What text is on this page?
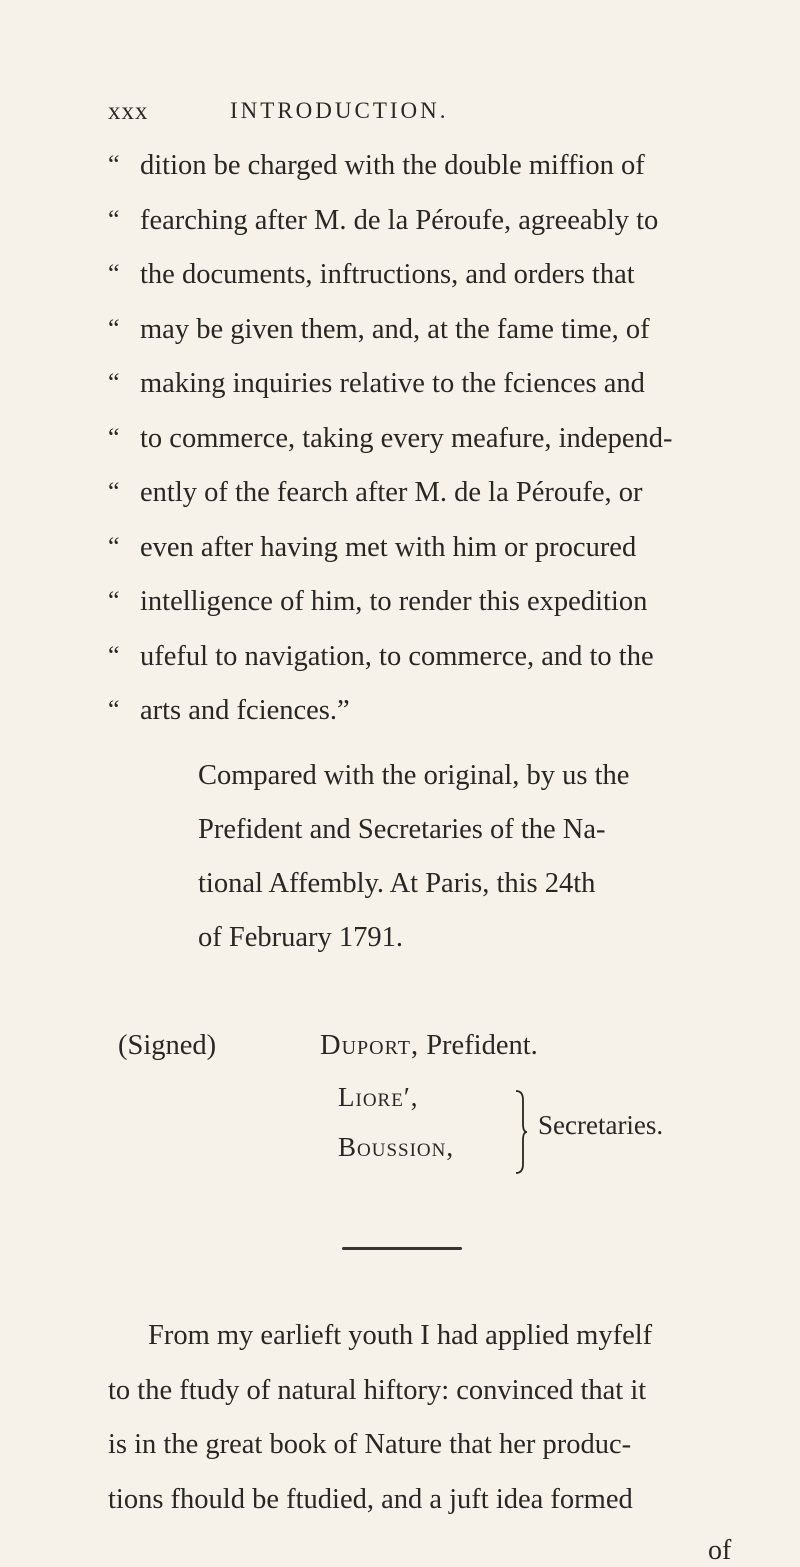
xxx	INTRODUCTION.
“ dition be charged with the double miffion of
“ fearching after M. de la Péroufe, agreeably to
“ the documents, inftructions, and orders that
“ may be given them, and, at the fame time, of
“ making inquiries relative to the fciences and
“ to commerce, taking every meafure, independ-
“ ently of the fearch after M. de la Péroufe, or
“ even after having met with him or procured
“ intelligence of him, to render this expedition
“ ufeful to navigation, to commerce, and to the
“ arts and fciences.”
Compared with the original, by us the
Prefident and Secretaries of the Na-
tional Affembly. At Paris, this 24th
of February 1791.
(Signed)	Duport, Prefident.
Liore′,
Boussion,
Secretaries.
From my earlieft youth I had applied myfelf
to the ftudy of natural hiftory: convinced that it
is in the great book of Nature that her produc-
tions fhould be ftudied, and a juft idea formed
of
